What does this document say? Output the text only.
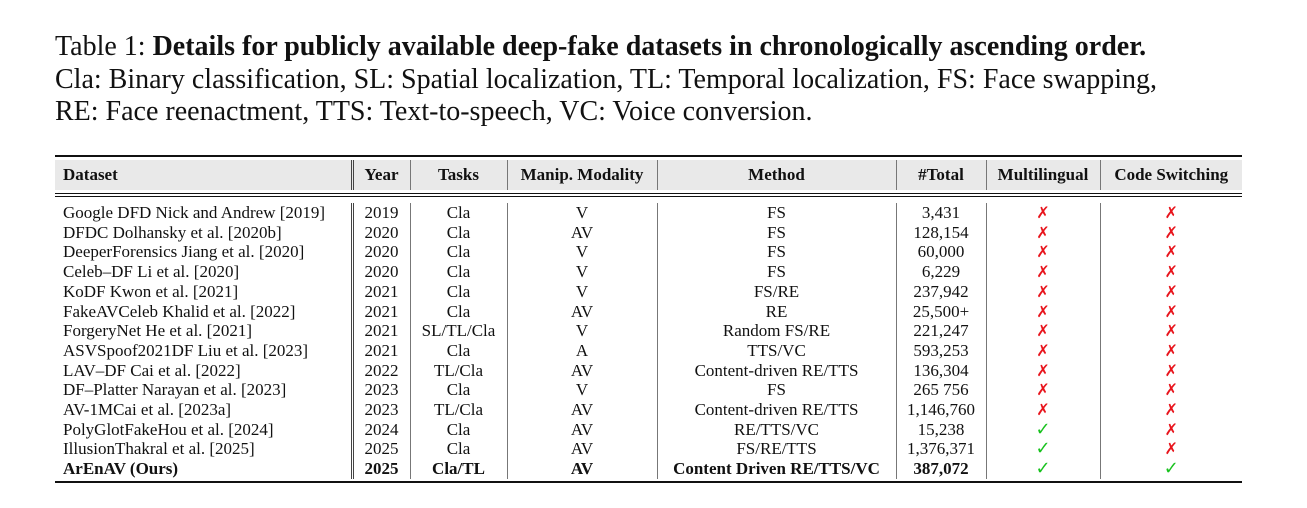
Table 1: Details for publicly available deep-fake datasets in chronologically ascending order.
Cla: Binary classification, SL: Spatial localization, TL: Temporal localization, FS: Face swapping,
RE: Face reenactment, TTS: Text-to-speech, VC: Voice conversion.
Dataset	Year	Tasks	Manip. Modality	Method	#Total	Multilingual	Code Switching

Google DFD Nick and Andrew [2019]	2019	Cla	V	FS	3,431	✗	✗
DFDC Dolhansky et al. [2020b]	2020	Cla	AV	FS	128,154	✗	✗
DeeperForensics Jiang et al. [2020]	2020	Cla	V	FS	60,000	✗	✗
Celeb–DF Li et al. [2020]	2020	Cla	V	FS	6,229	✗	✗
KoDF Kwon et al. [2021]	2021	Cla	V	FS/RE	237,942	✗	✗
FakeAVCeleb Khalid et al. [2022]	2021	Cla	AV	RE	25,500+	✗	✗
ForgeryNet He et al. [2021]	2021	SL/TL/Cla	V	Random FS/RE	221,247	✗	✗
ASVSpoof2021DF Liu et al. [2023]	2021	Cla	A	TTS/VC	593,253	✗	✗
LAV–DF Cai et al. [2022]	2022	TL/Cla	AV	Content-driven RE/TTS	136,304	✗	✗
DF–Platter Narayan et al. [2023]	2023	Cla	V	FS	265 756	✗	✗
AV-1MCai et al. [2023a]	2023	TL/Cla	AV	Content-driven RE/TTS	1,146,760	✗	✗
PolyGlotFakeHou et al. [2024]	2024	Cla	AV	RE/TTS/VC	15,238	✓	✗
IllusionThakral et al. [2025]	2025	Cla	AV	FS/RE/TTS	1,376,371	✓	✗
ArEnAV (Ours)	2025	Cla/TL	AV	Content Driven RE/TTS/VC	387,072	✓	✓
